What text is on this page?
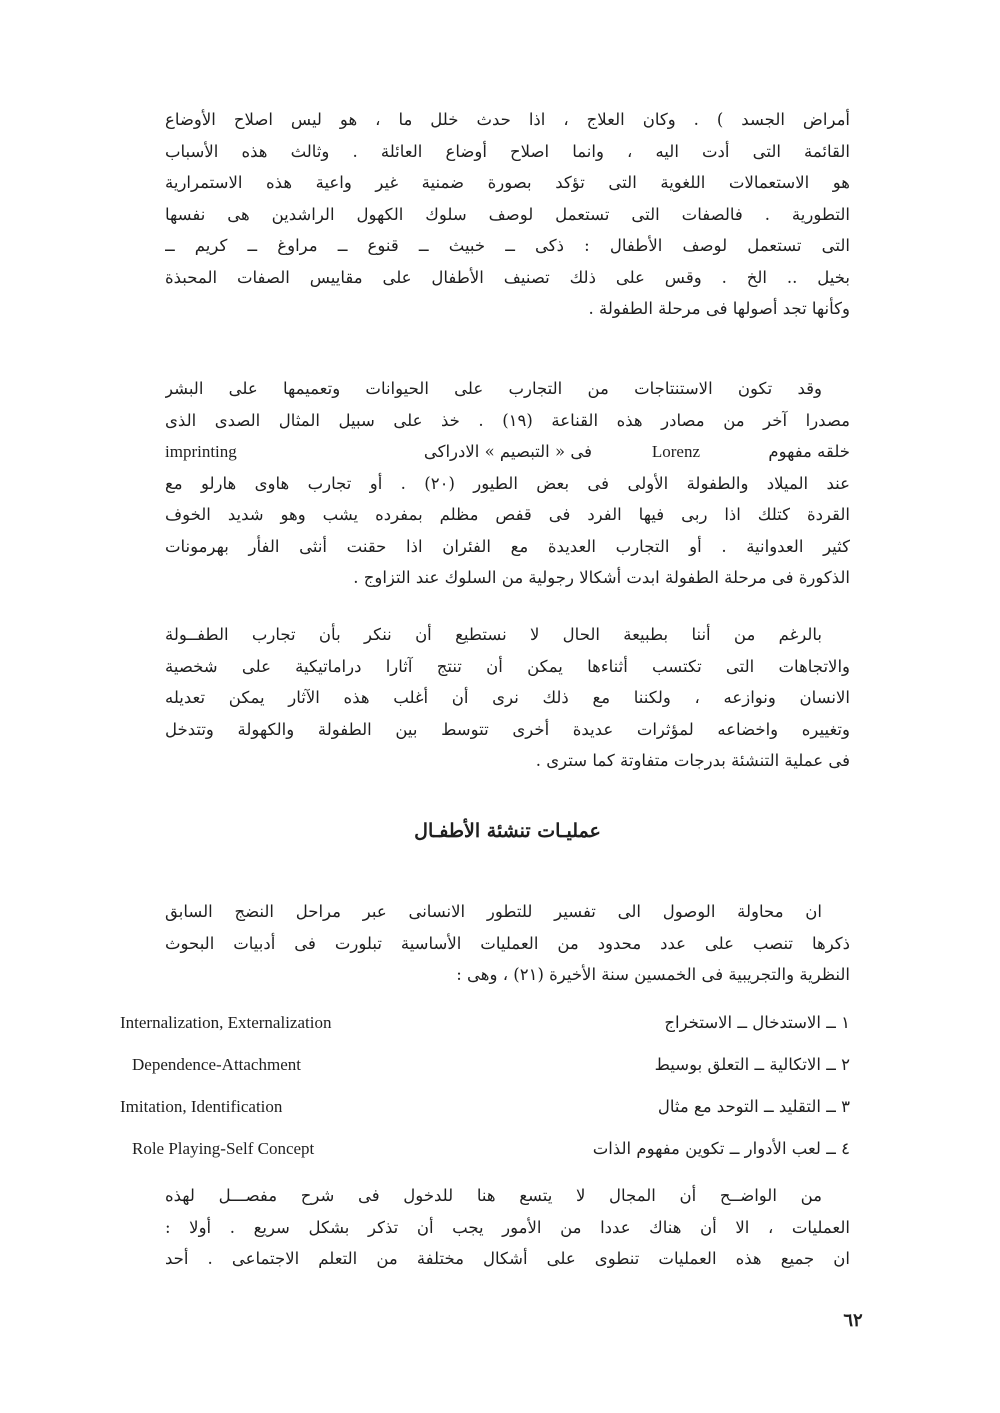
أمراض الجسد ) . وكان العلاج ، اذا حدث خلل ما ، هو ليس اصلاح الأوضاع
القائمة التى أدت اليه ، وانما اصلاح أوضاع العائلة . وثالث هذه الأسباب
هو الاستعمالات اللغوية التى تؤكد بصورة ضمنية غير واعية هذه الاستمرارية
التطورية . فالصفات التى تستعمل لوصف سلوك الكهول الراشدين هى نفسها
التى تستعمل لوصف الأطفال : ذكى ــ خبيث ــ قنوع ــ مراوغ ــ كريم ــ
بخيل .. الخ . وقس على ذلك تصنيف الأطفال على مقاييس الصفات المحبذة
وكأنها تجد أصولها فى مرحلة الطفولة .
وقد تكون الاستنتاجات من التجارب على الحيوانات وتعميمها على البشر
مصدرا آخر من مصادر هذه القناعة (١٩) . خذ على سبيل المثال الصدى الذى
خلقه مفهوم
Lorenz
فى « التبصيم » الادراكى
imprinting
عند الميلاد والطفولة الأولى فى بعض الطيور (٢٠) . أو تجارب هاوى هارلو مع
القردة كتلك اذا ربى فيها الفرد فى قفص مظلم بمفرده يشب وهو شديد الخوف
كثير العدوانية . أو التجارب العديدة مع الفئران اذا حقنت أنثى الفأر بهرمونات
الذكورة فى مرحلة الطفولة ابدت أشكالا رجولية من السلوك عند التزاوج .
بالرغم من أننا بطبيعة الحال لا نستطيع أن ننكر بأن تجارب الطفــولة
والاتجاهات التى تكتسب أثناءها يمكن أن تنتج آثارا دراماتيكية على شخصية
الانسان ونوازعه ، ولكننا مع ذلك نرى أن أغلب هذه الآثار يمكن تعديله
وتغييره واخضاعه لمؤثرات عديدة أخرى تتوسط بين الطفولة والكهولة وتتدخل
فى عملية التنشئة بدرجات متفاوتة كما سترى .
عمليـات تنشئة الأطفـال
ان محاولة الوصول الى تفسير للتطور الانسانى عبر مراحل النضج السابق
ذكرها تنصب على عدد محدود من العمليات الأساسية تبلورت فى أدبيات البحوث
النظرية والتجريبية فى الخمسين سنة الأخيرة (٢١) ، وهى :
١ ــ الاستدخال ــ الاستخراج
Internalization, Externalization
٢ ــ الاتكالية ــ التعلق بوسيط
Dependence-Attachment
٣ ــ التقليد ــ التوحد مع مثال
Imitation, Identification
٤ ــ لعب الأدوار ــ تكوين مفهوم الذات
Role Playing-Self Concept
من الواضــح أن المجال لا يتسع هنا للدخول فى شرح مفصـــل لهذه
العمليات ، الا أن هناك عددا من الأمور يجب أن تذكر بشكل سريع . أولا :
ان جميع هذه العمليات تنطوى على أشكال مختلفة من التعلم الاجتماعى . أحد
٦٢
